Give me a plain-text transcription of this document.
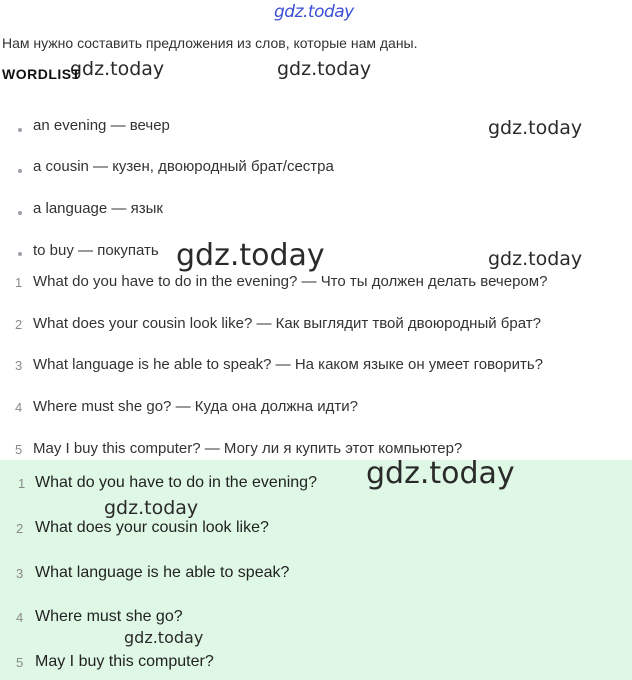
gdz.today
gdz.today	gdz.today
gdz.today
Нам нужно составить предложения из слов, которые нам даны.
WORDLIST
an evening — вечер
a cousin — кузен, двоюродный брат/сестра
a language — язык
to buy — покупать gdz.today	gdz.today
1 What do you have to do in the evening? — Что ты должен делать вечером?
2 What does your cousin look like? — Как выглядит твой двоюродный брат?
3 What language is he able to speak? — На каком языке он умеет говорить?
4 Where must she go? — Куда она должна идти?
5 May I buy this computer? — Могу ли я купить этот компьютер?
1 What do you have to do in the evening?
2 What does your cousin look like?
3 What language is he able to speak?
4 Where must she go?
5 May I buy this computer?
gdz.today
gdz.today
gdz.today
